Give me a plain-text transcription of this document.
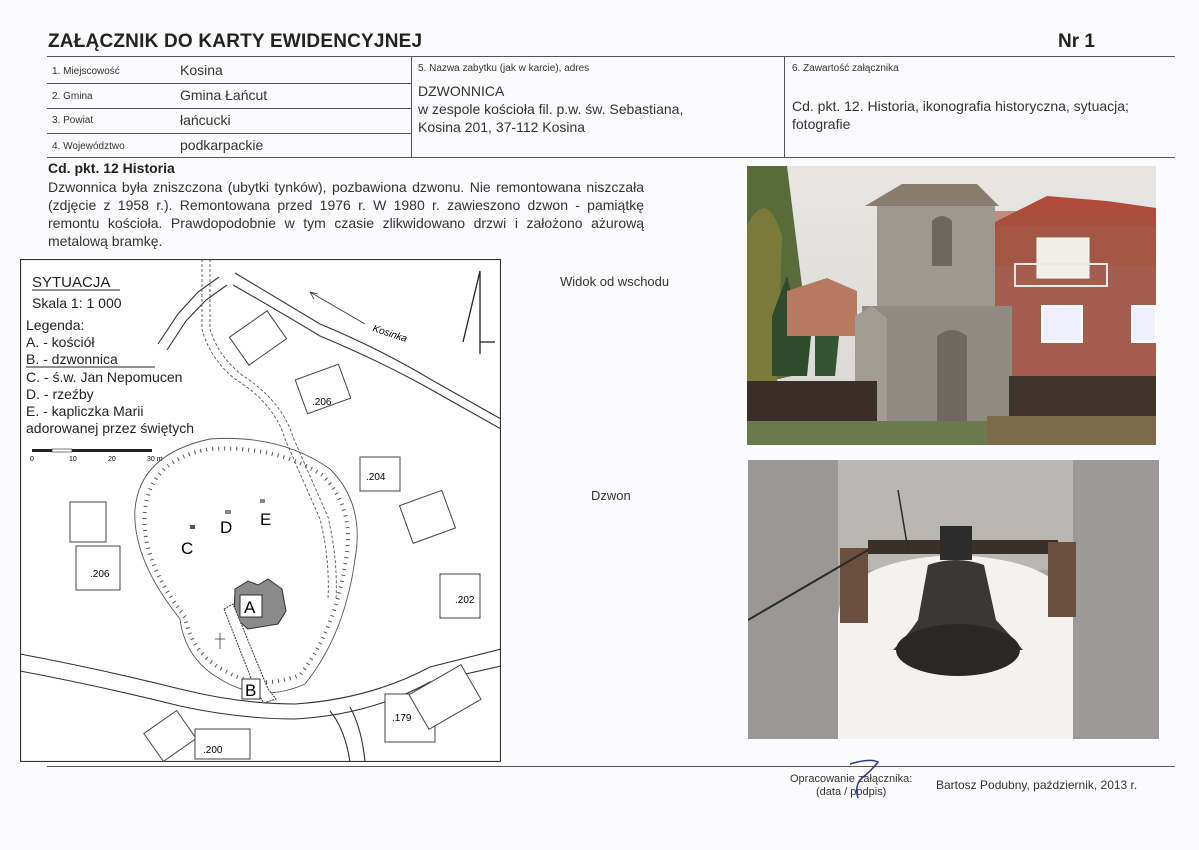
ZAŁĄCZNIK DO KARTY EWIDENCYJNEJ	Nr 1
1. Miejscowość	Kosina
2. Gmina	Gmina Łańcut
3. Powiat	łańcucki
4. Województwo	podkarpackie
5. Nazwa zabytku (jak w karcie), adres
DZWONNICA
w zespole kościoła fil. p.w. św. Sebastiana,
Kosina 201, 37-112 Kosina
6. Zawartość załącznika
Cd. pkt. 12. Historia, ikonografia historyczna, sytuacja;
fotografie
Cd. pkt. 12 Historia
Dzwonnica była zniszczona (ubytki tynków), pozbawiona dzwonu. Nie remontowana niszczała (zdjęcie z 1958 r.). Remontowana przed 1976 r. W 1980 r. zawieszono dzwon - pamiątkę remontu kościoła. Prawdopodobnie w tym czasie zlikwidowano drzwi i założono ażurową metalową bramkę.
SYTUACJA
Skala 1: 1 000
Legenda:
A. - kościół
B. - dzwonnica
C. - ś.w. Jan Nepomucen
D. - rzeźby
E. - kapliczka Marii
adorowanej przez świętych
0	10	20	30 m
Kosinka
.206
.204
.206
.202
.179
.200
A
B
C
D E
Widok od wschodu
Dzwon
Opracowanie załącznika:
(data / podpis)	Bartosz Podubny, październik, 2013 r.
